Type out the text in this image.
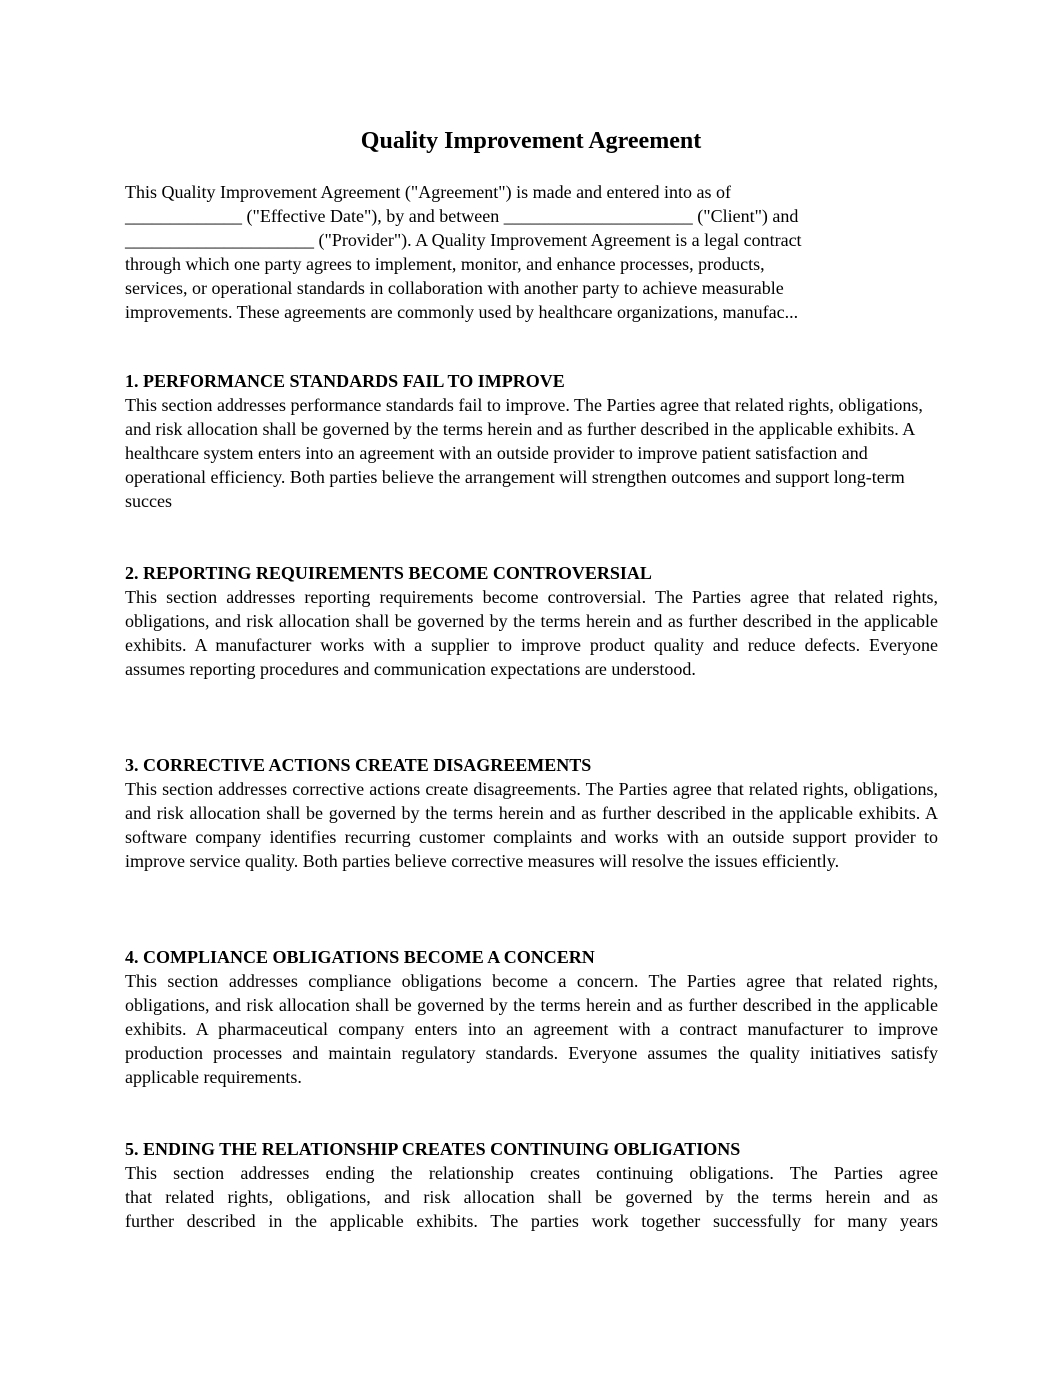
Quality Improvement Agreement
This Quality Improvement Agreement ("Agreement") is made and entered into as of
_____________ ("Effective Date"), by and between _____________________ ("Client") and
_____________________ ("Provider"). A Quality Improvement Agreement is a legal contract
through which one party agrees to implement, monitor, and enhance processes, products,
services, or operational standards in collaboration with another party to achieve measurable
improvements. These agreements are commonly used by healthcare organizations, manufac...
1. PERFORMANCE STANDARDS FAIL TO IMPROVE

This section addresses performance standards fail to improve. The Parties agree that related rights, obligations, and risk allocation shall be governed by the terms herein and as further described in the applicable exhibits. A healthcare system enters into an agreement with an outside provider to improve patient satisfaction and operational efficiency. Both parties believe the arrangement will strengthen outcomes and support long-term succes

2. REPORTING REQUIREMENTS BECOME CONTROVERSIAL

This section addresses reporting requirements become controversial. The Parties agree that related rights, obligations, and risk allocation shall be governed by the terms herein and as further described in the applicable exhibits. A manufacturer works with a supplier to improve product quality and reduce defects. Everyone assumes reporting procedures and communication expectations are understood.

3. CORRECTIVE ACTIONS CREATE DISAGREEMENTS

This section addresses corrective actions create disagreements. The Parties agree that related rights, obligations, and risk allocation shall be governed by the terms herein and as further described in the applicable exhibits. A software company identifies recurring customer complaints and works with an outside support provider to improve service quality. Both parties believe corrective measures will resolve the issues efficiently.

4. COMPLIANCE OBLIGATIONS BECOME A CONCERN

This section addresses compliance obligations become a concern. The Parties agree that related rights, obligations, and risk allocation shall be governed by the terms herein and as further described in the applicable exhibits. A pharmaceutical company enters into an agreement with a contract manufacturer to improve production processes and maintain regulatory standards. Everyone assumes the quality initiatives satisfy applicable requirements.

5. ENDING THE RELATIONSHIP CREATES CONTINUING OBLIGATIONS

This section addresses ending the relationship creates continuing obligations. The Parties agree
that related rights, obligations, and risk allocation shall be governed by the terms herein and as
further described in the applicable exhibits. The parties work together successfully for many years
